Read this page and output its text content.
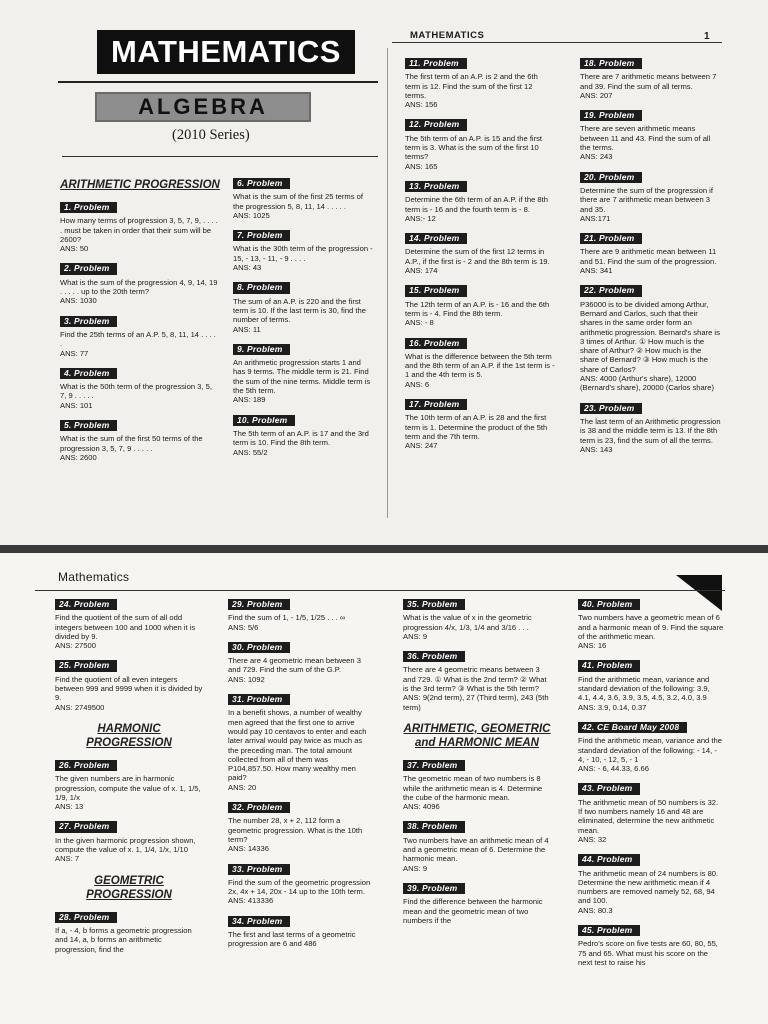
MATHEMATICS
ALGEBRA
(2010 Series)
MATHEMATICS	1
ARITHMETIC PROGRESSION
1. Problem

How many terms of progression 3, 5, 7, 9, . . . . . must be taken in order that their sum will be 2600?

ANS: 50

2. Problem

What is the sum of the progression 4, 9, 14, 19 . . . . . up to the 20th term?

ANS: 1030

3. Problem

Find the 25th terms of an A.P. 5, 8, 11, 14 . . . . .

ANS: 77

4. Problem

What is the 50th term of the progression 3, 5, 7, 9 . . . . .

ANS: 101

5. Problem

What is the sum of the first 50 terms of the progression 3, 5, 7, 9 . . . . .

ANS: 2600

6. Problem

What is the sum of the first 25 terms of the progression 5, 8, 11, 14 . . . . .

ANS: 1025

7. Problem

What is the 30th term of the progression - 15, - 13, - 11, - 9 . . . .

ANS: 43

8. Problem

The sum of an A.P. is 220 and the first term is 10. If the last term is 30, find the number of terms.

ANS: 11

9. Problem

An arithmetic progression starts 1 and has 9 terms. The middle term is 21. Find the sum of the nine terms. Middle term is the 5th term.

ANS: 189

10. Problem

The 5th term of an A.P. is 17 and the 3rd term is 10. Find the 8th term.

ANS: 55/2

11. Problem

The first term of an A.P. is 2 and the 6th term is 12. Find the sum of the first 12 terms.

ANS: 156

12. Problem

The 5th term of an A.P. is 15 and the first term is 3. What is the sum of the first 10 terms?

ANS: 165

13. Problem

Determine the 6th term of an A.P. if the 8th term is - 16 and the fourth term is - 8.

ANS:- 12

14. Problem

Determine the sum of the first 12 terms in A.P., if the first is - 2 and the 8th term is 19.

ANS: 174

15. Problem

The 12th term of an A.P. is - 16 and the 6th term is - 4. Find the 8th term.

ANS: - 8

16. Problem

What is the difference between the 5th term and the 8th term of an A.P. if the 1st term is - 1 and the 4th term is 5.

ANS: 6

17. Problem

The 10th term of an A.P. is 28 and the first term is 1. Determine the product of the 5th term and the 7th term.

ANS: 247

18. Problem

There are 7 arithmetic means between 7 and 39. Find the sum of all terms.

ANS: 207

19. Problem

There are seven arithmetic means between 11 and 43. Find the sum of all the terms.

ANS: 243

20. Problem

Determine the sum of the progression if there are 7 arithmetic mean between 3 and 35.

ANS:171

21. Problem

There are 9 arithmetic mean between 11 and 51. Find the sum of the progression.

ANS: 341

22. Problem

P36000 is to be divided among Arthur, Bernard and Carlos, such that their shares in the same order form an arithmetic progression. Bernard's share is 3 times of Arthur. ① How much is the share of Arthur? ② How much is the share of Bernard? ③ How much is the share of Carlos?

ANS: 4000 (Arthur's share), 12000 (Bernard's share), 20000 (Carlos share)

23. Problem

The last term of an Arithmetic progression is 38 and the middle term is 13. If the 8th term is 23, find the sum of all the terms.

ANS: 143

Mathematics
24. Problem

Find the quotient of the sum of all odd integers between 100 and 1000 when it is divided by 9.

ANS: 27500

25. Problem

Find the quotient of all even integers between 999 and 9999 when it is divided by 9.

ANS: 2749500

HARMONIC PROGRESSION
26. Problem

The given numbers are in harmonic progression, compute the value of x. 1, 1/5, 1/9, 1/x

ANS: 13

27. Problem

In the given harmonic progression shown, compute the value of x. 1, 1/4, 1/x, 1/10

ANS: 7

GEOMETRIC PROGRESSION
28. Problem

If a, - 4, b forms a geometric progression and 14, a, b forms an arithmetic progression, find the

29. Problem

Find the sum of 1, - 1/5, 1/25 . . . ∞

ANS: 5/6

30. Problem

There are 4 geometric mean between 3 and 729. Find the sum of the G.P.

ANS: 1092

31. Problem

In a benefit shows, a number of wealthy men agreed that the first one to arrive would pay 10 centavos to enter and each later arrival would pay twice as much as the preceding man. The total amount collected from all of them was P104,857.50. How many wealthy men paid?

ANS: 20

32. Problem

The number 28, x + 2, 112 form a geometric progression. What is the 10th term?

ANS: 14336

33. Problem

Find the sum of the geometric progression 2x, 4x + 14, 20x - 14 up to the 10th term.

ANS: 413336

34. Problem

The first and last terms of a geometric progression are 6 and 486

35. Problem

What is the value of x in the geometric progression 4/x, 1/3, 1/4 and 3/16 . . .

ANS: 9

36. Problem

There are 4 geometric means between 3 and 729. ① What is the 2nd term? ② What is the 3rd term? ③ What is the 5th term?

ANS: 9(2nd term), 27 (Third term), 243 (5th term)

ARITHMETIC, GEOMETRIC and HARMONIC MEAN
37. Problem

The geometric mean of two numbers is 8 while the arithmetic mean is 4. Determine the cube of the harmonic mean.

ANS: 4096

38. Problem

Two numbers have an arithmetic mean of 4 and a geometric mean of 6. Determine the harmonic mean.

ANS: 9

39. Problem

Find the difference between the harmonic mean and the geometric mean of two numbers if the

40. Problem

Two numbers have a geometric mean of 6 and a harmonic mean of 9. Find the square of the arithmetic mean.

ANS: 16

41. Problem

Find the arithmetic mean, variance and standard deviation of the following: 3.9, 4.1, 4.4, 3.6, 3.9, 3.5, 4.5, 3.2, 4.0, 3.9

ANS: 3.9, 0.14, 0.37

42. CE Board May 2008

Find the arithmetic mean, variance and the standard deviation of the following: - 14, - 4, - 10, - 12, 5, - 1

ANS: - 6, 44.33, 6.66

43. Problem

The arithmetic mean of 50 numbers is 32. If two numbers namely 16 and 48 are eliminated, determine the new arithmetic mean.

ANS: 32

44. Problem

The arithmetic mean of 24 numbers is 80. Determine the new arithmetic mean if 4 numbers are removed namely 52, 68, 94 and 100.

ANS: 80.3

45. Problem

Pedro's score on five tests are 60, 80, 55, 75 and 65. What must his score on the next test to raise his
